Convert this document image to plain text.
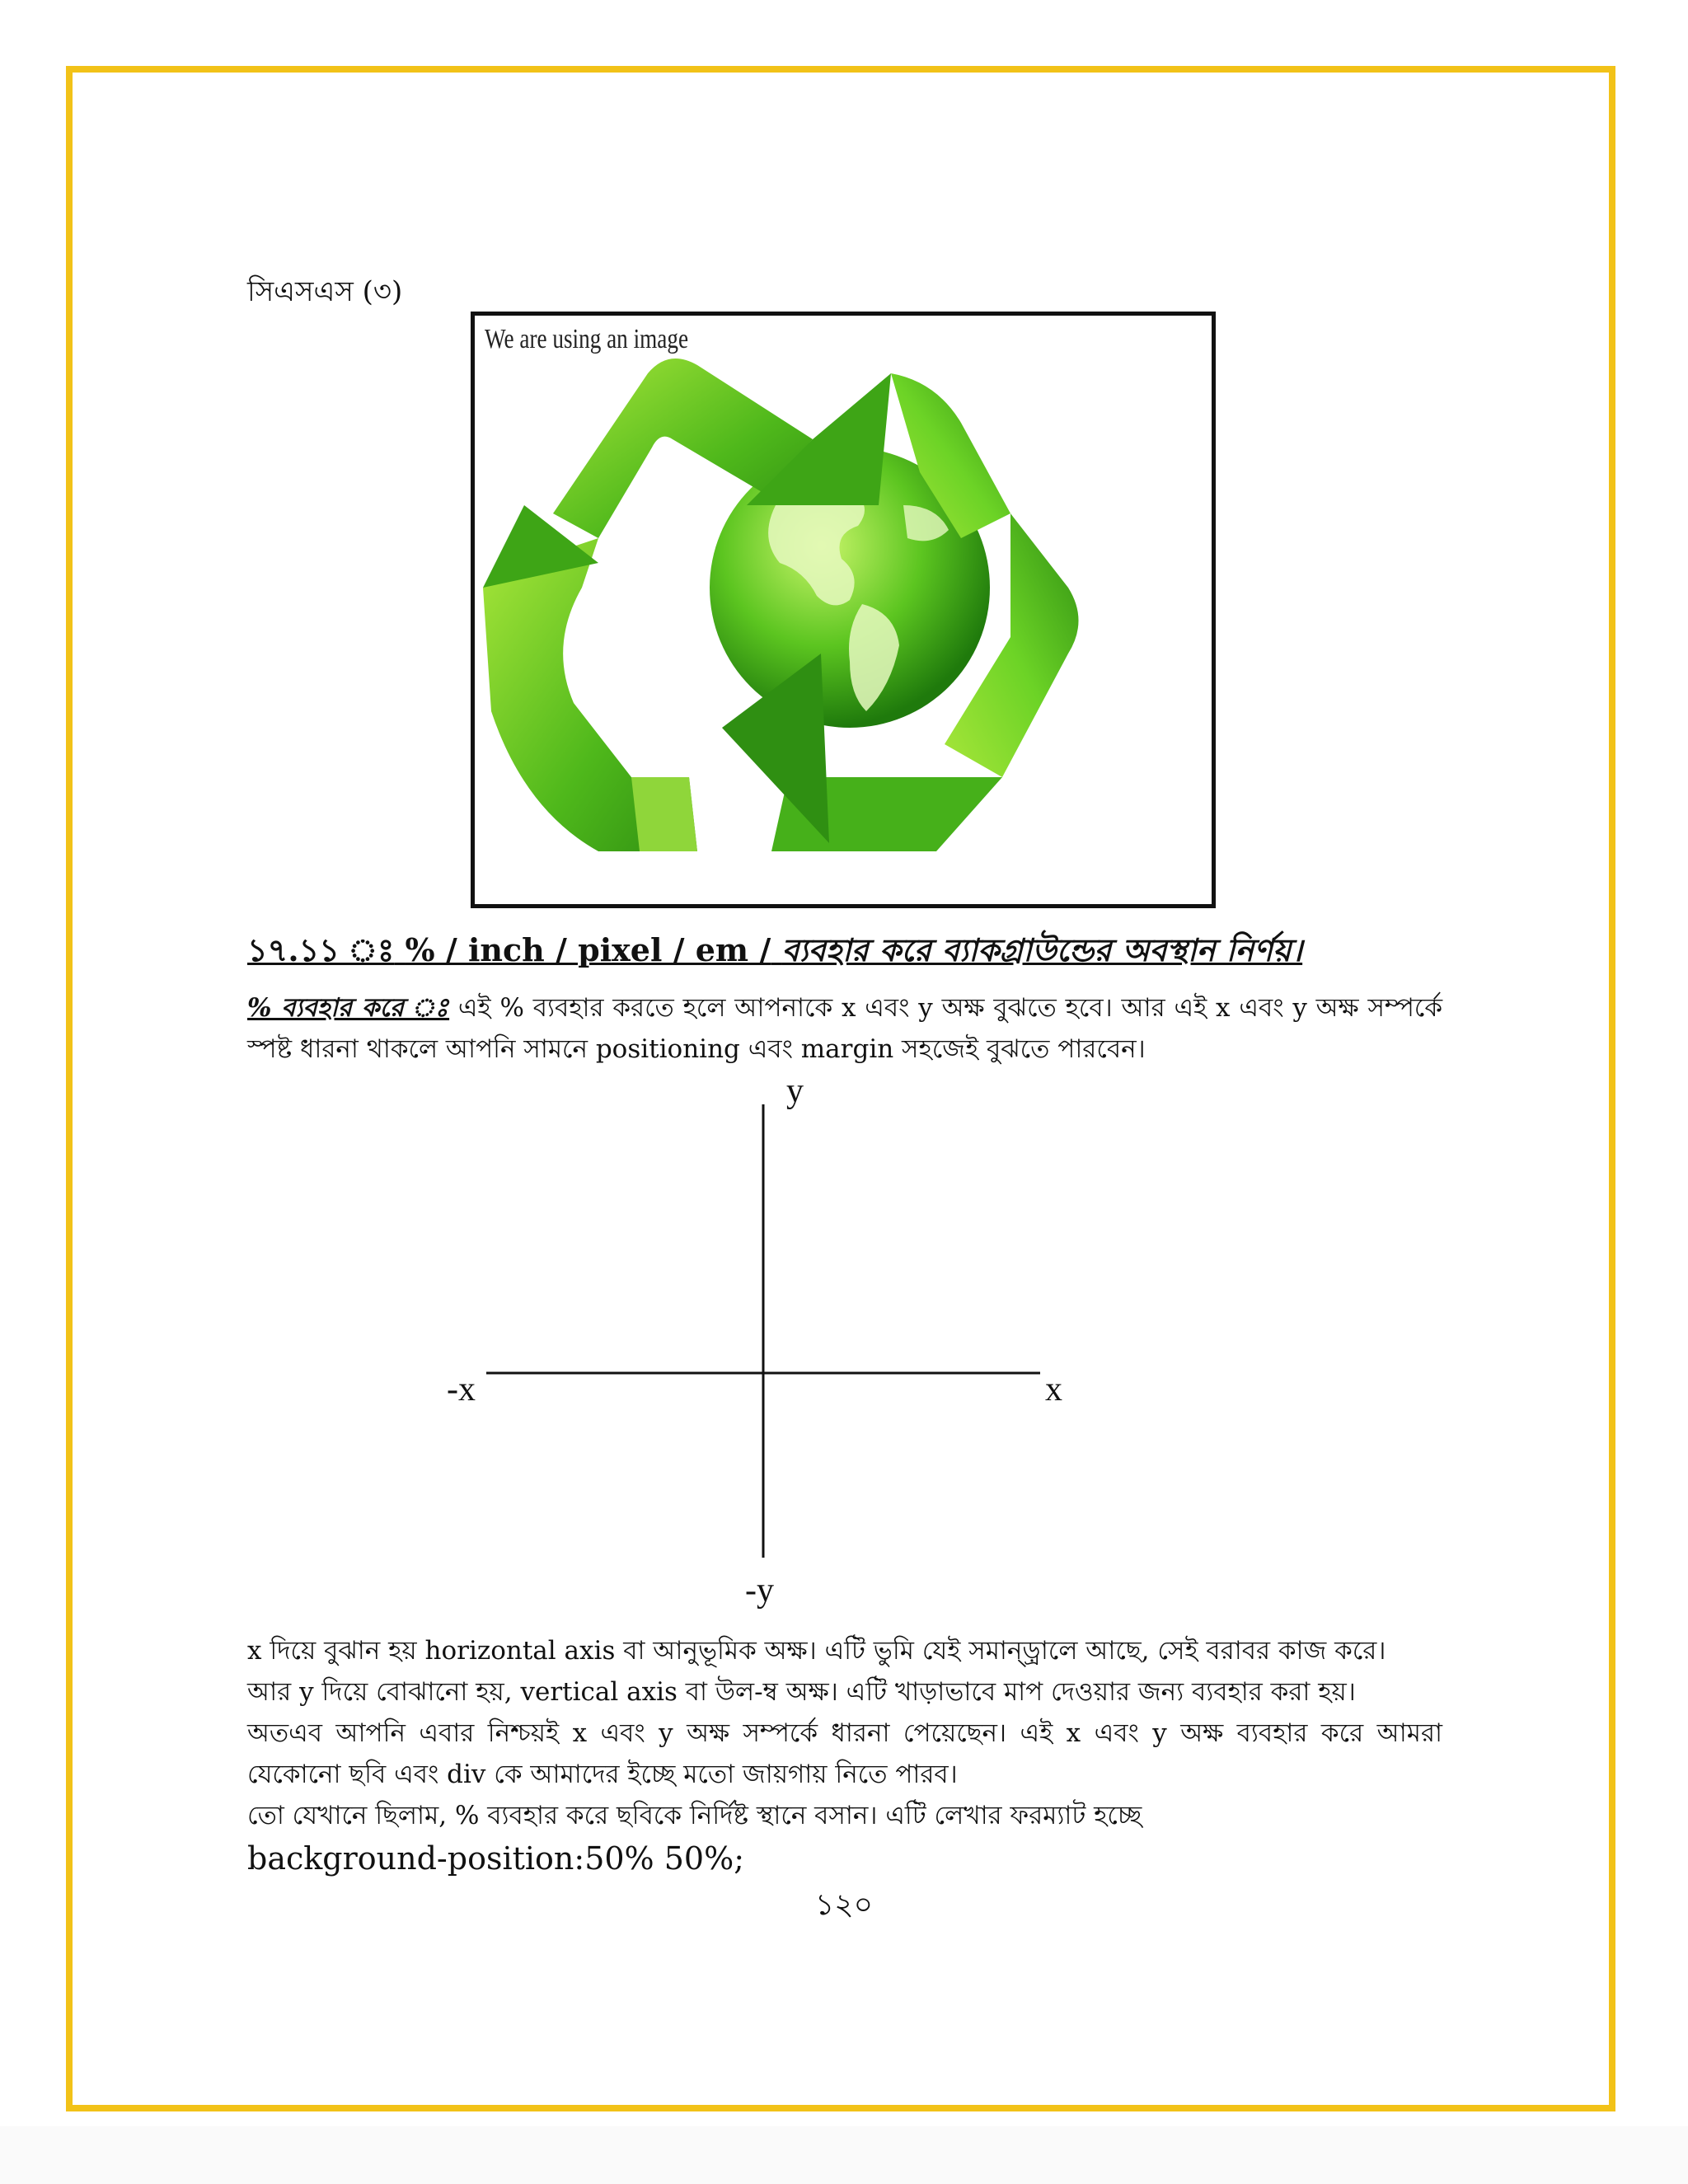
সিএসএস (৩)
We are using an image
১৭.১১ ঃ % / inch / pixel / em / ব্যবহার করে ব্যাকগ্রাউন্ডের অবস্থান নির্ণয়।
% ব্যবহার করে ঃ এই % ব্যবহার করতে হলে আপনাকে x এবং y অক্ষ বুঝতে হবে। আর এই x এবং y অক্ষ সম্পর্কে স্পষ্ট ধারনা থাকলে আপনি সামনে positioning এবং margin সহজেই বুঝতে পারবেন।
y
-y
x
-x
x দিয়ে বুঝান হয় horizontal axis বা আনুভূমিক অক্ষ। এটি ভুমি যেই সমান্ড়্রালে আছে, সেই বরাবর কাজ করে।
আর y দিয়ে বোঝানো হয়, vertical axis বা উল-ম্ব অক্ষ। এটি খাড়াভাবে মাপ দেওয়ার জন্য ব্যবহার করা হয়।
অতএব আপনি এবার নিশ্চয়ই x এবং y অক্ষ সম্পর্কে ধারনা পেয়েছেন। এই x এবং y অক্ষ ব্যবহার করে আমরা
যেকোনো ছবি এবং div কে আমাদের ইচ্ছে মতো জায়গায় নিতে পারব।
তো যেখানে ছিলাম, % ব্যবহার করে ছবিকে নির্দিষ্ট স্থানে বসান। এটি লেখার ফরম্যাট হচ্ছে
background-position:50% 50%;
১২০
